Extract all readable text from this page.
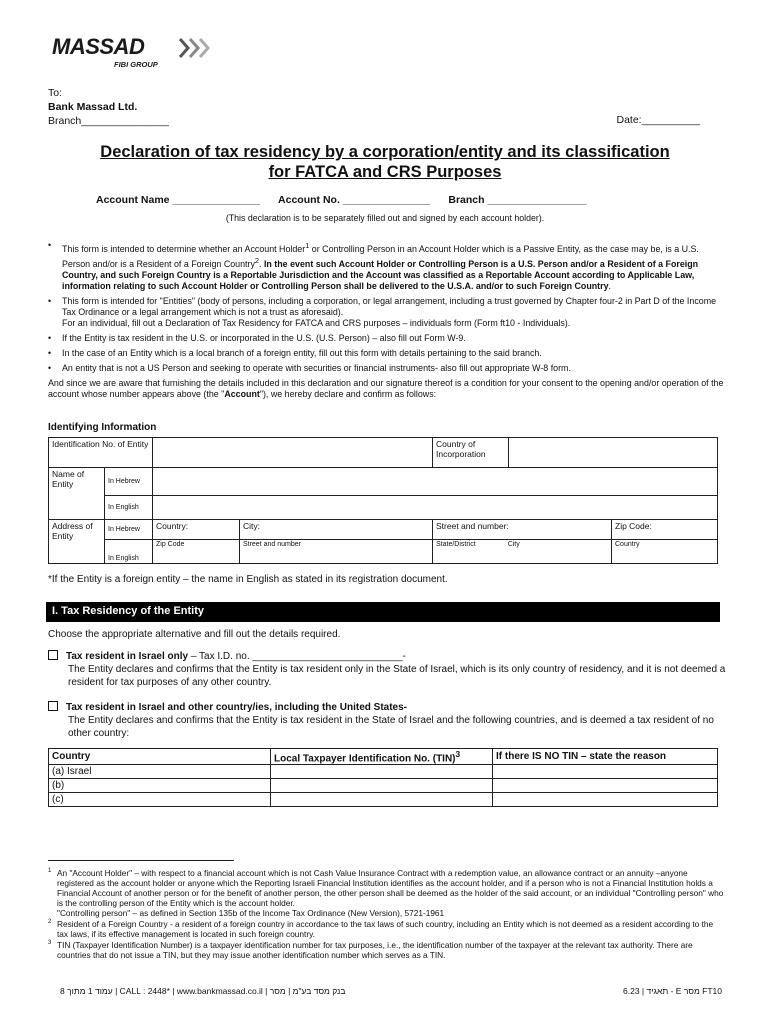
MASSAD
FIBI GROUP
To:
Bank Massad Ltd.
Branch_______________	Date:__________
Declaration of tax residency by a corporation/entity and its classification
for FATCA and CRS Purposes
Account Name _______________ Account No. _______________ Branch _________________
(This declaration is to be separately filled out and signed by each account holder).
• This form is intended to determine whether an Account Holder$^1$ or Controlling Person in an Account Holder which is a Passive Entity, as the case may be, is a U.S. Person and/or is a Resident of a Foreign Country$^2$. In the event such Account Holder or Controlling Person is a U.S. Person and/or a Resident of a Foreign Country, and such Foreign Country is a Reportable Jurisdiction and the Account was classified as a Reportable Account according to Applicable Law, information relating to such Account Holder or Controlling Person shall be delivered to the U.S.A. and/or to such Foreign Country.
• This form is intended for "Entities" (body of persons, including a corporation, or legal arrangement, including a trust governed by Chapter four-2 in Part D of the Income Tax Ordinance or a legal arrangement which is not a trust as aforesaid).
For an individual, fill out a Declaration of Tax Residency for FATCA and CRS purposes – individuals form (Form ft10 - Individuals).
• If the Entity is tax resident in the U.S. or incorporated in the U.S. (U.S. Person) – also fill out Form W-9.
• In the case of an Entity which is a local branch of a foreign entity, fill out this form with details pertaining to the said branch.
• An entity that is not a US Person and seeking to operate with securities or financial instruments- also fill out appropriate W-8 form.
And since we are aware that furnishing the details included in this declaration and our signature thereof is a condition for your consent to the opening and/or operation of the account whose number appears above (the "Account"), we hereby declare and confirm as follows:
Identifying Information
Identification No. of Entity				Country of Incorporation		
Name of Entity	In Hebrew					
	In English					
Address of Entity	In Hebrew	Country:	City:	Street and number:		Zip Code:
	In English	Zip Code	Street and number	State/District City		Country
*If the Entity is a foreign entity – the name in English as stated in its registration document.
I. Tax Residency of the Entity
Choose the appropriate alternative and fill out the details required.
Tax resident in Israel only – Tax I.D. no. ___________________________-
The Entity declares and confirms that the Entity is tax resident only in the State of Israel, which is its only country of residency, and it is not deemed a resident for tax purposes of any other country.
Tax resident in Israel and other country/ies, including the United States-
The Entity declares and confirms that the Entity is tax resident in the State of Israel and the following countries, and is deemed a tax resident of no other country:
Country	Local Taxpayer Identification No. (TIN)$^3$	If there IS NO TIN – state the reason
(a) Israel		
(b)		
(c)		
1 An "Account Holder" – with respect to a financial account which is not Cash Value Insurance Contract with a redemption value, an allowance contract or an annuity –anyone registered as the account holder or anyone which the Reporting Israeli Financial Institution identifies as the account holder, and if a person who is not a Financial Institution holds a Financial Account of another person or for the benefit of another person, the other person shall be deemed as the holder of the said account, or an individual "Controlling person" who is the controlling person of the Entity which is the account holder.
"Controlling person" – as defined in Section 135b of the Income Tax Ordinance (New Version), 5721-1961
2 Resident of a Foreign Country - a resident of a foreign country in accordance to the tax laws of such country, including an Entity which is not deemed as a resident according to the tax laws, if its effective management is located in such foreign country.
3 TIN (Taxpayer Identification Number) is a taxpayer identification number for tax purposes, i.e., the identification number of the taxpayer at the relevant tax authority. There are countries that do not issue a TIN, but they may issue another identification number which serves as a TIN.
עמוד 1 מתוך 8 | CALL : 2448* | www.bankmassad.co.il | בנק מסד בע"מ | מסר	6.23 | תאגיד - E מסר FT10
